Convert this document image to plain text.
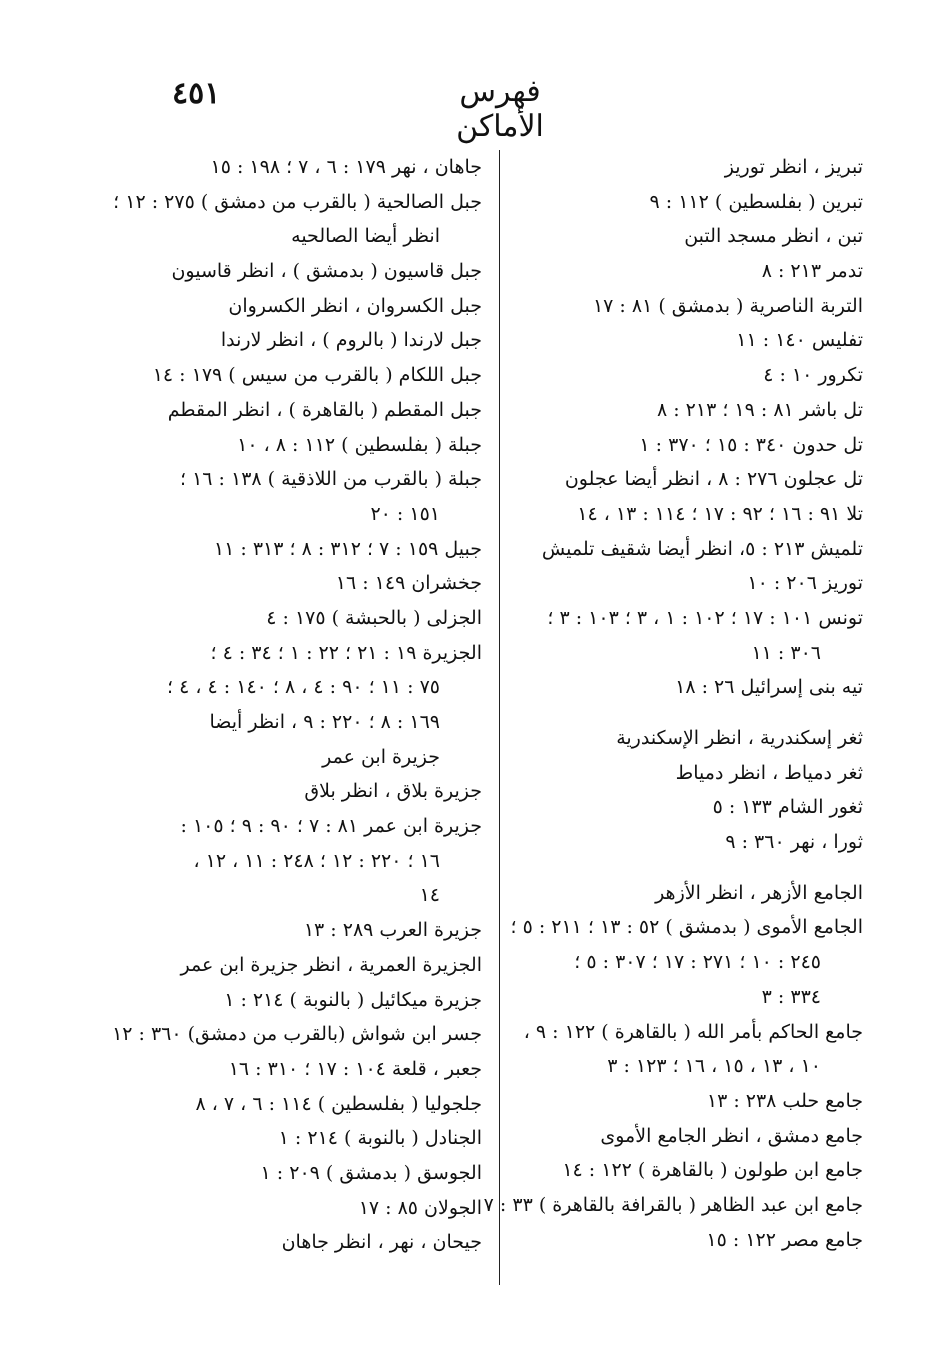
٤٥١	فهرس الأماكن
تبريز ، انظر توريز
تبرين ( بفلسطين ) ١١٢ : ٩
تبن ، انظر مسجد التبن
تدمر ٢١٣ : ٨
التربة الناصرية ( بدمشق ) ٨١ : ١٧
تفليس ١٤٠ : ١١
تكرور ١٠ : ٤
تل باشر ٨١ : ١٩ ؛ ٢١٣ : ٨
تل حدون ٣٤٠ : ١٥ ؛ ٣٧٠ : ١
تل عجلون ٢٧٦ : ٨ ، انظر أيضا عجلون
تلا ٩١ : ١٦ ؛ ٩٢ : ١٧ ؛ ١١٤ : ١٣ ، ١٤
تلميش ٢١٣ : ٥، انظر أيضا شقيف تلميش
توريز ٢٠٦ : ١٠
تونس ١٠١ : ١٧ ؛ ١٠٢ : ١ ، ٣ ؛ ١٠٣ : ٣ ؛
٣٠٦ : ١١
تيه بنى إسرائيل ٢٦ : ١٨
ثغر إسكندرية ، انظر الإسكندرية
ثغر دمياط ، انظر دمياط
ثغور الشام ١٣٣ : ٥
ثورا ، نهر ٣٦٠ : ٩
الجامع الأزهر ، انظر الأزهر
الجامع الأموى ( بدمشق ) ٥٢ : ١٣ ؛ ٢١١ : ٥ ؛
٢٤٥ : ١٠ ؛ ٢٧١ : ١٧ ؛ ٣٠٧ : ٥ ؛
٣٣٤ : ٣
جامع الحاكم بأمر الله ( بالقاهرة ) ١٢٢ : ٩ ،
١٠ ، ١٣ ، ١٥ ، ١٦ ؛ ١٢٣ : ٣
جامع حلب ٢٣٨ : ١٣
جامع دمشق ، انظر الجامع الأموى
جامع ابن طولون ( بالقاهرة ) ١٢٢ : ١٤
جامع ابن عبد الظاهر ( بالقرافة بالقاهرة ) ٣٣ : ٧
جامع مصر ١٢٢ : ١٥
جاهان ، نهر ١٧٩ : ٦ ، ٧ ؛ ١٩٨ : ١٥
جبل الصالحية ( بالقرب من دمشق ) ٢٧٥ : ١٢ ؛
انظر أيضا الصالحيه
جبل قاسيون ( بدمشق ) ، انظر قاسيون
جبل الكسروان ، انظر الكسروان
جبل لارندا ( بالروم ) ، انظر لارندا
جبل اللكام ( بالقرب من سيس ) ١٧٩ : ١٤
جبل المقطم ( بالقاهرة ) ، انظر المقطم
جبلة ( بفلسطين ) ١١٢ : ٨ ، ١٠
جبلة ( بالقرب من اللاذقية ) ١٣٨ : ١٦ ؛
١٥١ : ٢٠
جبيل ١٥٩ : ٧ ؛ ٣١٢ : ٨ ؛ ٣١٣ : ١١
جخشران ١٤٩ : ١٦
الجزلى ( بالحبشة ) ١٧٥ : ٤
الجزيرة ١٩ : ٢١ ؛ ٢٢ : ١ ؛ ٣٤ : ٤ ؛
٧٥ : ١١ ؛ ٩٠ : ٤ ، ٨ ؛ ١٤٠ : ٤ ، ٤ ؛
١٦٩ : ٨ ؛ ٢٢٠ : ٩ ، انظر أيضا
جزيرة ابن عمر
جزيرة بلاق ، انظر بلاق
جزيرة ابن عمر ٨١ : ٧ ؛ ٩٠ : ٩ ؛ ١٠٥ :
١٦ ؛ ٢٢٠ : ١٢ ؛ ٢٤٨ : ١١ ، ١٢ ،
١٤
جزيرة العرب ٢٨٩ : ١٣
الجزيرة العمرية ، انظر جزيرة ابن عمر
جزيرة ميكائيل ( بالنوبة ) ٢١٤ : ١
جسر ابن شواش (بالقرب من دمشق) ٣٦٠ : ١٢
جعبر ، قلعة ١٠٤ : ١٧ ؛ ٣١٠ : ١٦
جلجوليا ( بفلسطين ) ١١٤ : ٦ ، ٧ ، ٨
الجنادل ( بالنوبة ) ٢١٤ : ١
الجوسق ( بدمشق ) ٢٠٩ : ١
الجولان ٨٥ : ١٧
جيحان ، نهر ، انظر جاهان
